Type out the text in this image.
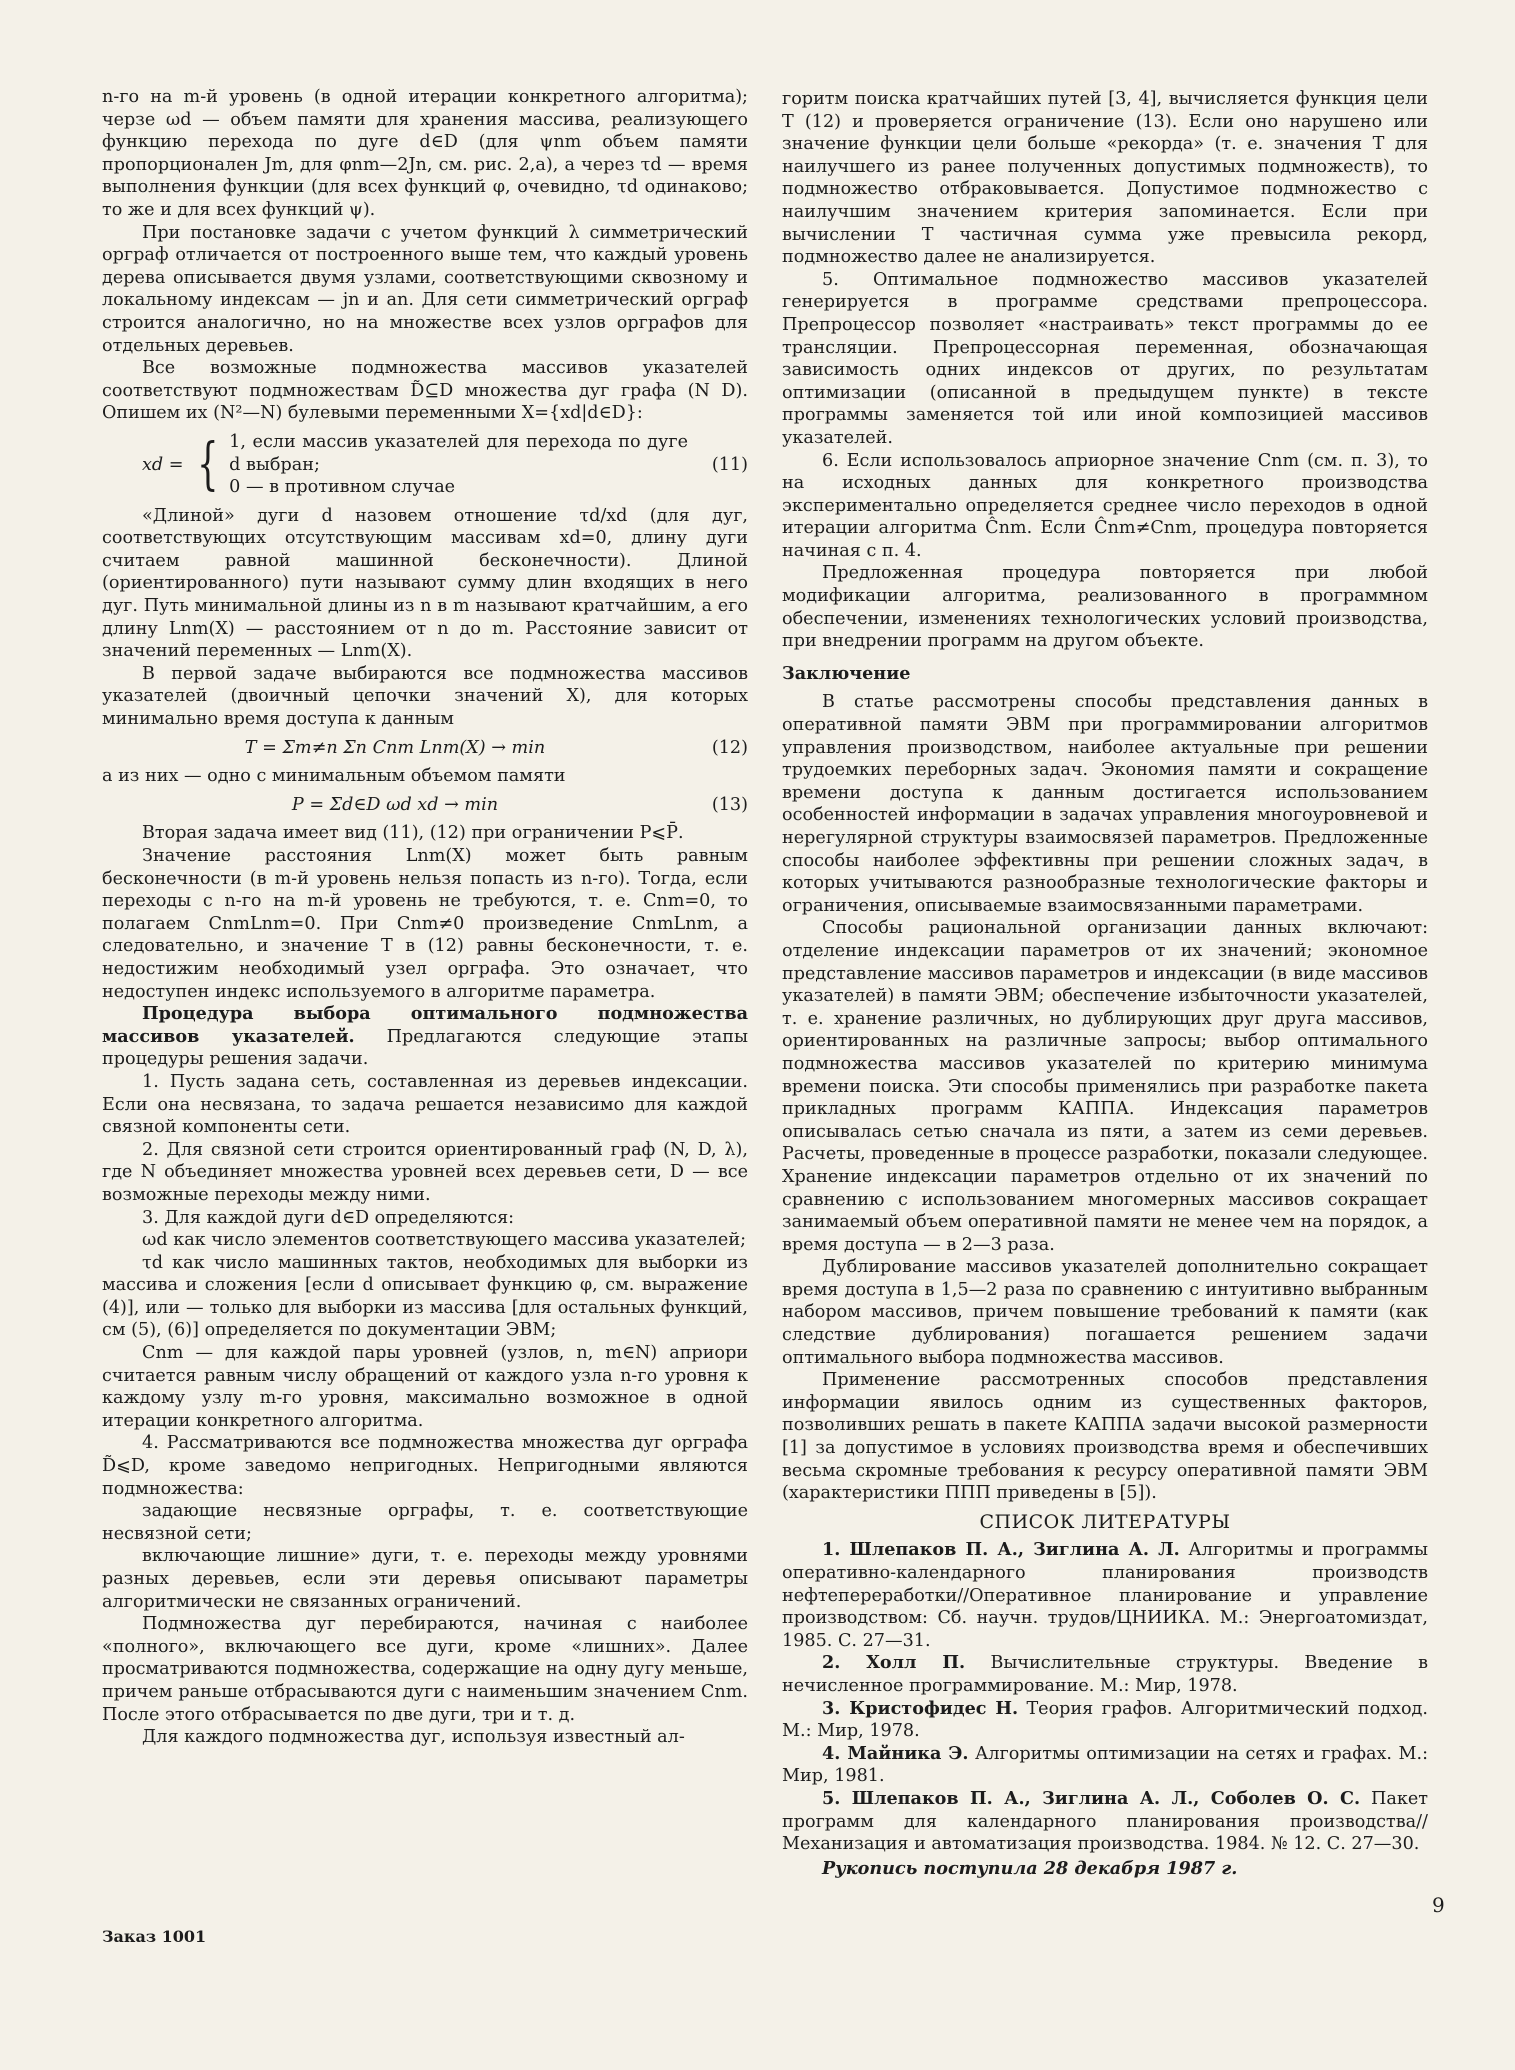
n-го на m-й уровень (в одной итерации конкретного алгоритма); черзе ωd — объем памяти для хранения массива, реализующего функцию перехода по дуге d∈D (для ψnm объем памяти пропорционален Jm, для φnm—2Jn, см. рис. 2,а), а через τd — время выполнения функции (для всех функций φ, очевидно, τd одинаково; то же и для всех функций ψ).

При постановке задачи с учетом функций λ симметрический орграф отличается от построенного выше тем, что каждый уровень дерева описывается двумя узлами, соответствующими сквозному и локальному индексам — jn и an. Для сети симметрический орграф строится аналогично, но на множестве всех узлов орграфов для отдельных деревьев.

Все возможные подмножества массивов указателей соответствуют подмножествам D̃⊆D множества дуг графа (N D). Опишем их (N²—N) булевыми переменными X={xd|d∈D}:

xd = { 1, если массив указателей для перехода по дуге d выбран;
0 — в противном случае
(11)

«Длиной» дуги d назовем отношение τd/xd (для дуг, соответствующих отсутствующим массивам xd=0, длину дуги считаем равной машинной бесконечности). Длиной (ориентированного) пути называют сумму длин входящих в него дуг. Путь минимальной длины из n в m называют кратчайшим, а его длину Lnm(X) — расстоянием от n до m. Расстояние зависит от значений переменных — Lnm(X).

В первой задаче выбираются все подмножества массивов указателей (двоичный цепочки значений X), для которых минимально время доступа к данным

T = Σm≠n Σn Cnm Lnm(X) → min	(12)

а из них — одно с минимальным объемом памяти

P = Σd∈D ωd xd → min	(13)

Вторая задача имеет вид (11), (12) при ограничении P⩽P̄.

Значение расстояния Lnm(X) может быть равным бесконечности (в m-й уровень нельзя попасть из n-го). Тогда, если переходы с n-го на m-й уровень не требуются, т. е. Cnm=0, то полагаем CnmLnm=0. При Cnm≠0 произведение CnmLnm, а следовательно, и значение T в (12) равны бесконечности, т. е. недостижим необходимый узел орграфа. Это означает, что недоступен индекс используемого в алгоритме параметра.

Процедура выбора оптимального подмножества массивов указателей. Предлагаются следующие этапы процедуры решения задачи.

1. Пусть задана сеть, составленная из деревьев индексации. Если она несвязана, то задача решается независимо для каждой связной компоненты сети.

2. Для связной сети строится ориентированный граф (N, D, λ), где N объединяет множества уровней всех деревьев сети, D — все возможные переходы между ними.

3. Для каждой дуги d∈D определяются:

ωd как число элементов соответствующего массива указателей;

τd как число машинных тактов, необходимых для выборки из массива и сложения [если d описывает функцию φ, см. выражение (4)], или — только для выборки из массива [для остальных функций, см (5), (6)] определяется по документации ЭВМ;

Cnm — для каждой пары уровней (узлов, n, m∈N) априори считается равным числу обращений от каждого узла n-го уровня к каждому узлу m-го уровня, максимально возможное в одной итерации конкретного алгоритма.

4. Рассматриваются все подмножества множества дуг орграфа D̃⩽D, кроме заведомо непригодных. Непригодными являются подмножества:

задающие несвязные орграфы, т. е. соответствующие несвязной сети;

включающие лишние» дуги, т. е. переходы между уровнями разных деревьев, если эти деревья описывают параметры алгоритмически не связанных ограничений.

Подмножества дуг перебираются, начиная с наиболее «полного», включающего все дуги, кроме «лишних». Далее просматриваются подмножества, содержащие на одну дугу меньше, причем раньше отбрасываются дуги с наименьшим значением Cnm. После этого отбрасывается по две дуги, три и т. д.

Для каждого подмножества дуг, используя известный ал-

горитм поиска кратчайших путей [3, 4], вычисляется функция цели T (12) и проверяется ограничение (13). Если оно нарушено или значение функции цели больше «рекорда» (т. е. значения T для наилучшего из ранее полученных допустимых подмножеств), то подмножество отбраковывается. Допустимое подмножество с наилучшим значением критерия запоминается. Если при вычислении T частичная сумма уже превысила рекорд, подмножество далее не анализируется.

5. Оптимальное подмножество массивов указателей генерируется в программе средствами препроцессора. Препроцессор позволяет «настраивать» текст программы до ее трансляции. Препроцессорная переменная, обозначающая зависимость одних индексов от других, по результатам оптимизации (описанной в предыдущем пункте) в тексте программы заменяется той или иной композицией массивов указателей.

6. Если использовалось априорное значение Cnm (см. п. 3), то на исходных данных для конкретного производства экспериментально определяется среднее число переходов в одной итерации алгоритма Ĉnm. Если Ĉnm≠Cnm, процедура повторяется начиная с п. 4.

Предложенная процедура повторяется при любой модификации алгоритма, реализованного в программном обеспечении, изменениях технологических условий производства, при внедрении программ на другом объекте.

Заключение

В статье рассмотрены способы представления данных в оперативной памяти ЭВМ при программировании алгоритмов управления производством, наиболее актуальные при решении трудоемких переборных задач. Экономия памяти и сокращение времени доступа к данным достигается использованием особенностей информации в задачах управления многоуровневой и нерегулярной структуры взаимосвязей параметров. Предложенные способы наиболее эффективны при решении сложных задач, в которых учитываются разнообразные технологические факторы и ограничения, описываемые взаимосвязанными параметрами.

Способы рациональной организации данных включают: отделение индексации параметров от их значений; экономное представление массивов параметров и индексации (в виде массивов указателей) в памяти ЭВМ; обеспечение избыточности указателей, т. е. хранение различных, но дублирующих друг друга массивов, ориентированных на различные запросы; выбор оптимального подмножества массивов указателей по критерию минимума времени поиска. Эти способы применялись при разработке пакета прикладных программ КАППА. Индексация параметров описывалась сетью сначала из пяти, а затем из семи деревьев. Расчеты, проведенные в процессе разработки, показали следующее. Хранение индексации параметров отдельно от их значений по сравнению с использованием многомерных массивов сокращает занимаемый объем оперативной памяти не менее чем на порядок, а время доступа — в 2—3 раза.

Дублирование массивов указателей дополнительно сокращает время доступа в 1,5—2 раза по сравнению с интуитивно выбранным набором массивов, причем повышение требований к памяти (как следствие дублирования) погашается решением задачи оптимального выбора подмножества массивов.

Применение рассмотренных способов представления информации явилось одним из существенных факторов, позволивших решать в пакете КАППА задачи высокой размерности [1] за допустимое в условиях производства время и обеспечивших весьма скромные требования к ресурсу оперативной памяти ЭВМ (характеристики ППП приведены в [5]).

СПИСОК ЛИТЕРАТУРЫ

1. Шлепаков П. А., Зиглина А. Л. Алгоритмы и программы оперативно-календарного планирования производств нефтепереработки//Оперативное планирование и управление производством: Сб. научн. трудов/ЦНИИКА. М.: Энергоатомиздат, 1985. С. 27—31.

2. Холл П. Вычислительные структуры. Введение в нечисленное программирование. М.: Мир, 1978.

3. Кристофидес Н. Теория графов. Алгоритмический подход. М.: Мир, 1978.

4. Майника Э. Алгоритмы оптимизации на сетях и графах. М.: Мир, 1981.

5. Шлепаков П. А., Зиглина А. Л., Соболев О. С. Пакет программ для календарного планирования производства//Механизация и автоматизация производства. 1984. № 12. С. 27—30.

Рукопись поступила 28 декабря 1987 г.

Заказ 1001
9
